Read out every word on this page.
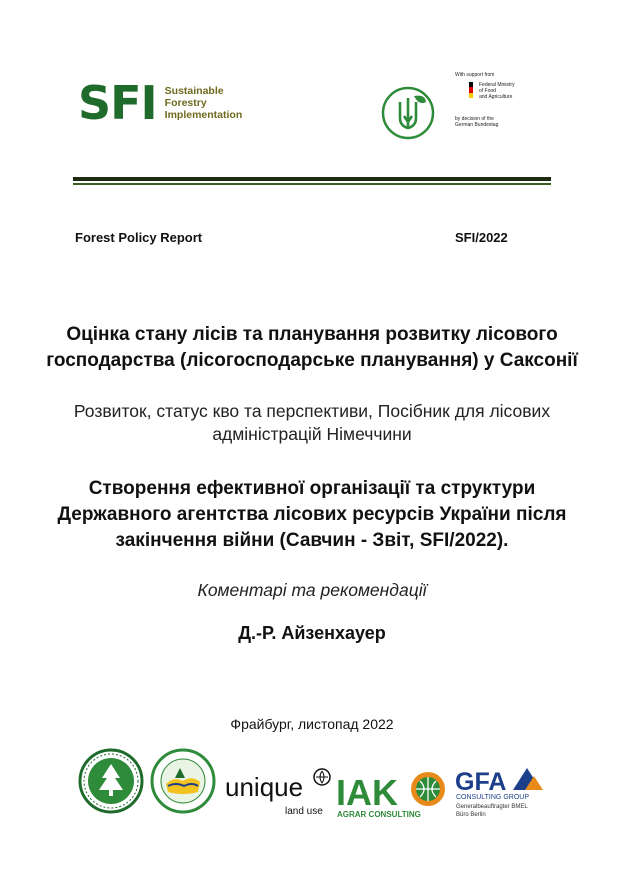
SFI Sustainable
Forestry
Implementation
With support from
Federal Ministry
of Food
and Agriculture
by decision of the
German Bundestag
Forest Policy Report	SFI/2022
Оцінка стану лісів та планування розвитку лісового господарства (лісогосподарське планування) у Саксонії
Розвиток, статус кво та перспективи, Посібник для лісових адміністрацій Німеччини
Створення ефективної організації та структури Державного агентства лісових ресурсів України після закінчення війни (Савчин - Звіт, SFI/2022).
Коментарі та рекомендації
Д.-Р. Айзенхауер
Фрайбург, листопад 2022
unique
land use IAK
AGRAR CONSULTING
GFA
CONSULTING GROUP
Generalbeauftragter BMEL
Büro Berlin
